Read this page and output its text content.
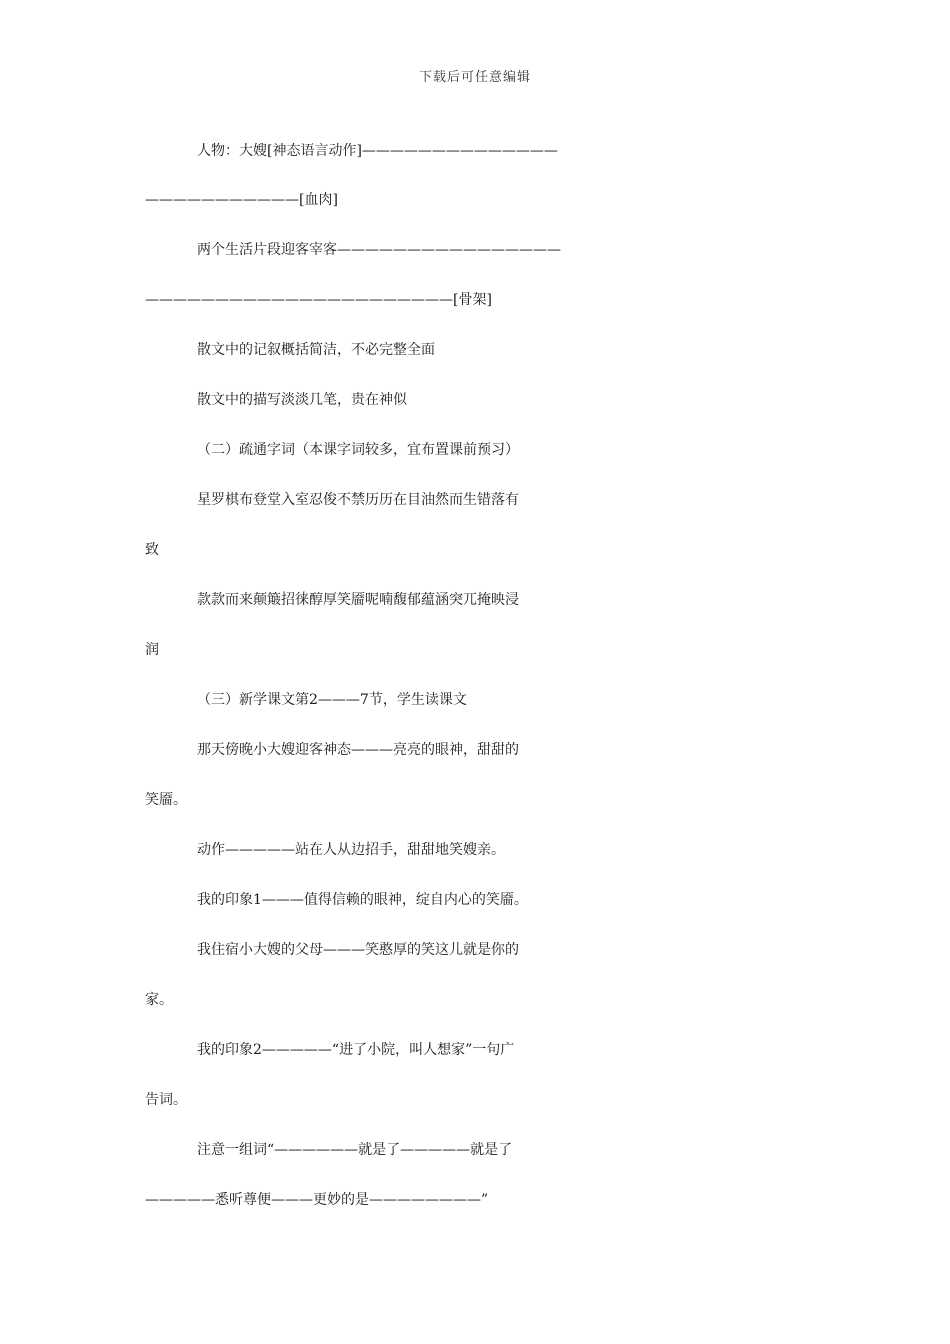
下载后可任意编辑
人物：大嫂[神态语言动作]——————————————
———————————[血肉]
两个生活片段迎客宰客————————————————
——————————————————————[骨架]
散文中的记叙概括简洁，不必完整全面
散文中的描写淡淡几笔，贵在神似
（二）疏通字词（本课字词较多，宜布置课前预习）
星罗棋布登堂入室忍俊不禁历历在目油然而生错落有
致
款款而来颠簸招徕醇厚笑靥呢喃馥郁蕴涵突兀掩映浸
润
（三）新学课文第2———7节，学生读课文
那天傍晚小大嫂迎客神态———亮亮的眼神，甜甜的
笑靥。
动作—————站在人从边招手，甜甜地笑嫂亲。
我的印象1———值得信赖的眼神，绽自内心的笑靥。
我住宿小大嫂的父母———笑憨厚的笑这儿就是你的
家。
我的印象2—————“进了小院，叫人想家”一句广
告词。
注意一组词“——————就是了—————就是了
—————悉听尊便———更妙的是————————”
